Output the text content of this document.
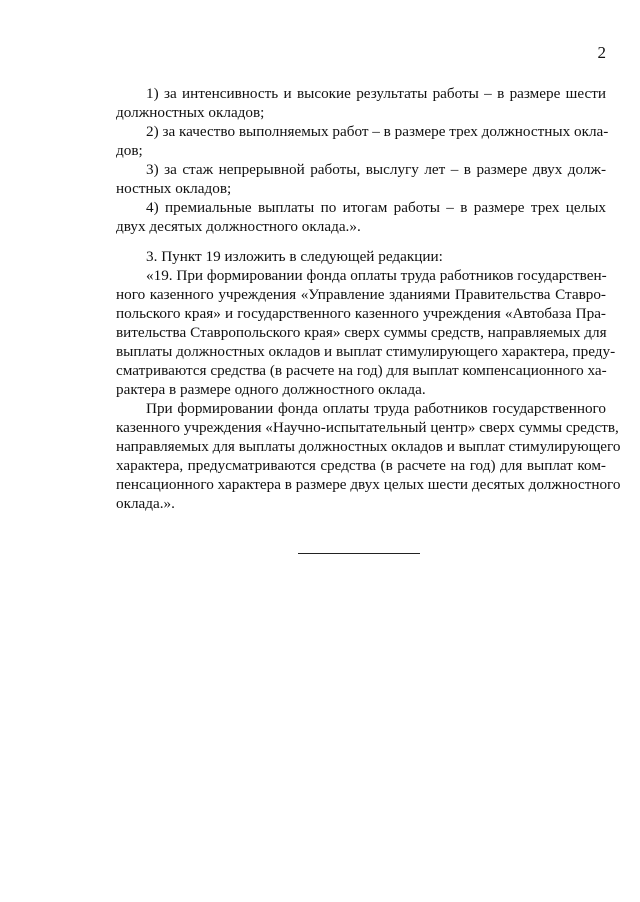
2
1) за интенсивность и высокие результаты работы – в размере шести
должностных окладов;
2) за качество выполняемых работ – в размере трех должностных окла-
дов;
3) за стаж непрерывной работы, выслугу лет – в размере двух долж-
ностных окладов;
4) премиальные выплаты по итогам работы – в размере трех целых
двух десятых должностного оклада.».
3. Пункт 19 изложить в следующей редакции:
«19. При формировании фонда оплаты труда работников государствен-
ного казенного учреждения «Управление зданиями Правительства Ставро-
польского края» и государственного казенного учреждения «Автобаза Пра-
вительства Ставропольского края» сверх суммы средств, направляемых для
выплаты должностных окладов и выплат стимулирующего характера, преду-
сматриваются средства (в расчете на год) для выплат компенсационного ха-
рактера в размере одного должностного оклада.
При формировании фонда оплаты труда работников государственного
казенного учреждения «Научно-испытательный центр» сверх суммы средств,
направляемых для выплаты должностных окладов и выплат стимулирующего
характера, предусматриваются средства (в расчете на год) для выплат ком-
пенсационного характера в размере двух целых шести десятых должностного
оклада.».
